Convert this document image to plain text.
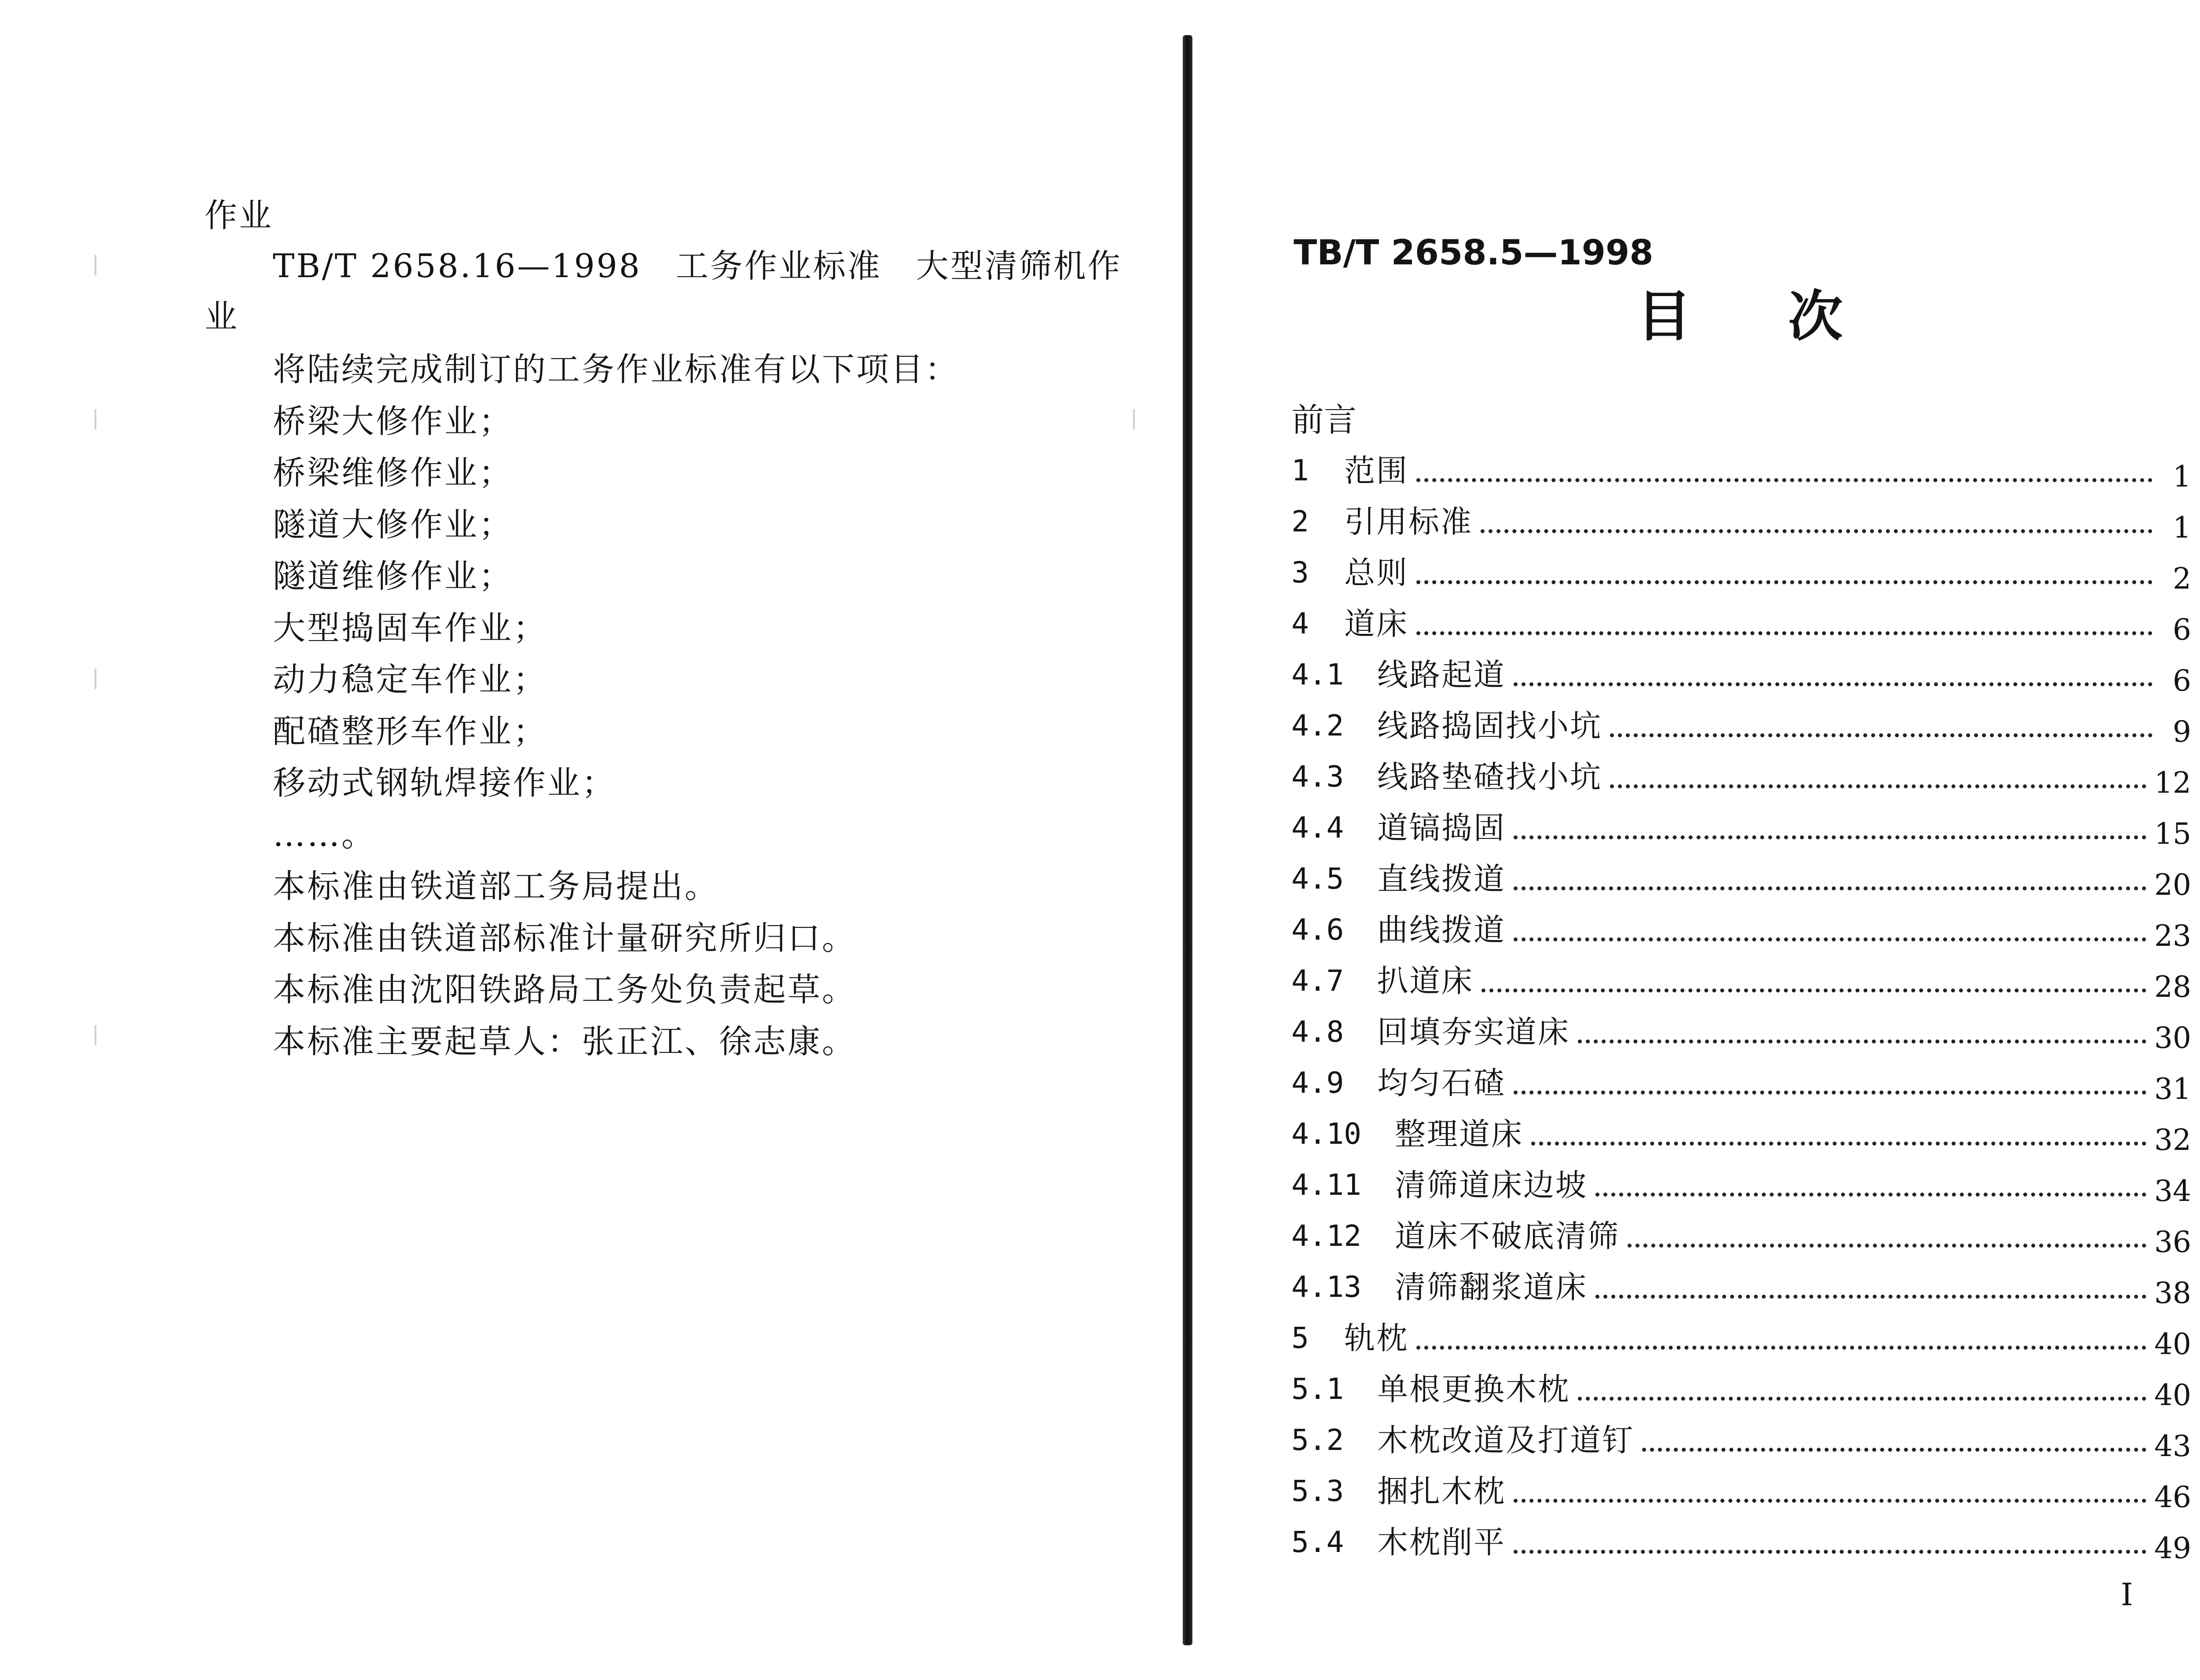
作业
TB/T 2658.16—1998　工务作业标准　大型清筛机作
业
将陆续完成制订的工务作业标准有以下项目：
桥梁大修作业；
桥梁维修作业；
隧道大修作业；
隧道维修作业；
大型捣固车作业；
动力稳定车作业；
配碴整形车作业；
移动式钢轨焊接作业；
……。
本标准由铁道部工务局提出。
本标准由铁道部标准计量研究所归口。
本标准由沈阳铁路局工务处负责起草。
本标准主要起草人：张正江、徐志康。
TB/T 2658.5—1998
目次
前言
1	范围	1
2	引用标准	1
3	总则	2
4	道床	6
4.1	线路起道	6
4.2	线路捣固找小坑	9
4.3	线路垫碴找小坑	12
4.4	道镐捣固	15
4.5	直线拨道	20
4.6	曲线拨道	23
4.7	扒道床	28
4.8	回填夯实道床	30
4.9	均匀石碴	31
4.10	整理道床	32
4.11	清筛道床边坡	34
4.12	道床不破底清筛	36
4.13	清筛翻浆道床	38
5	轨枕	40
5.1	单根更换木枕	40
5.2	木枕改道及打道钉	43
5.3	捆扎木枕	46
5.4	木枕削平	49
I
